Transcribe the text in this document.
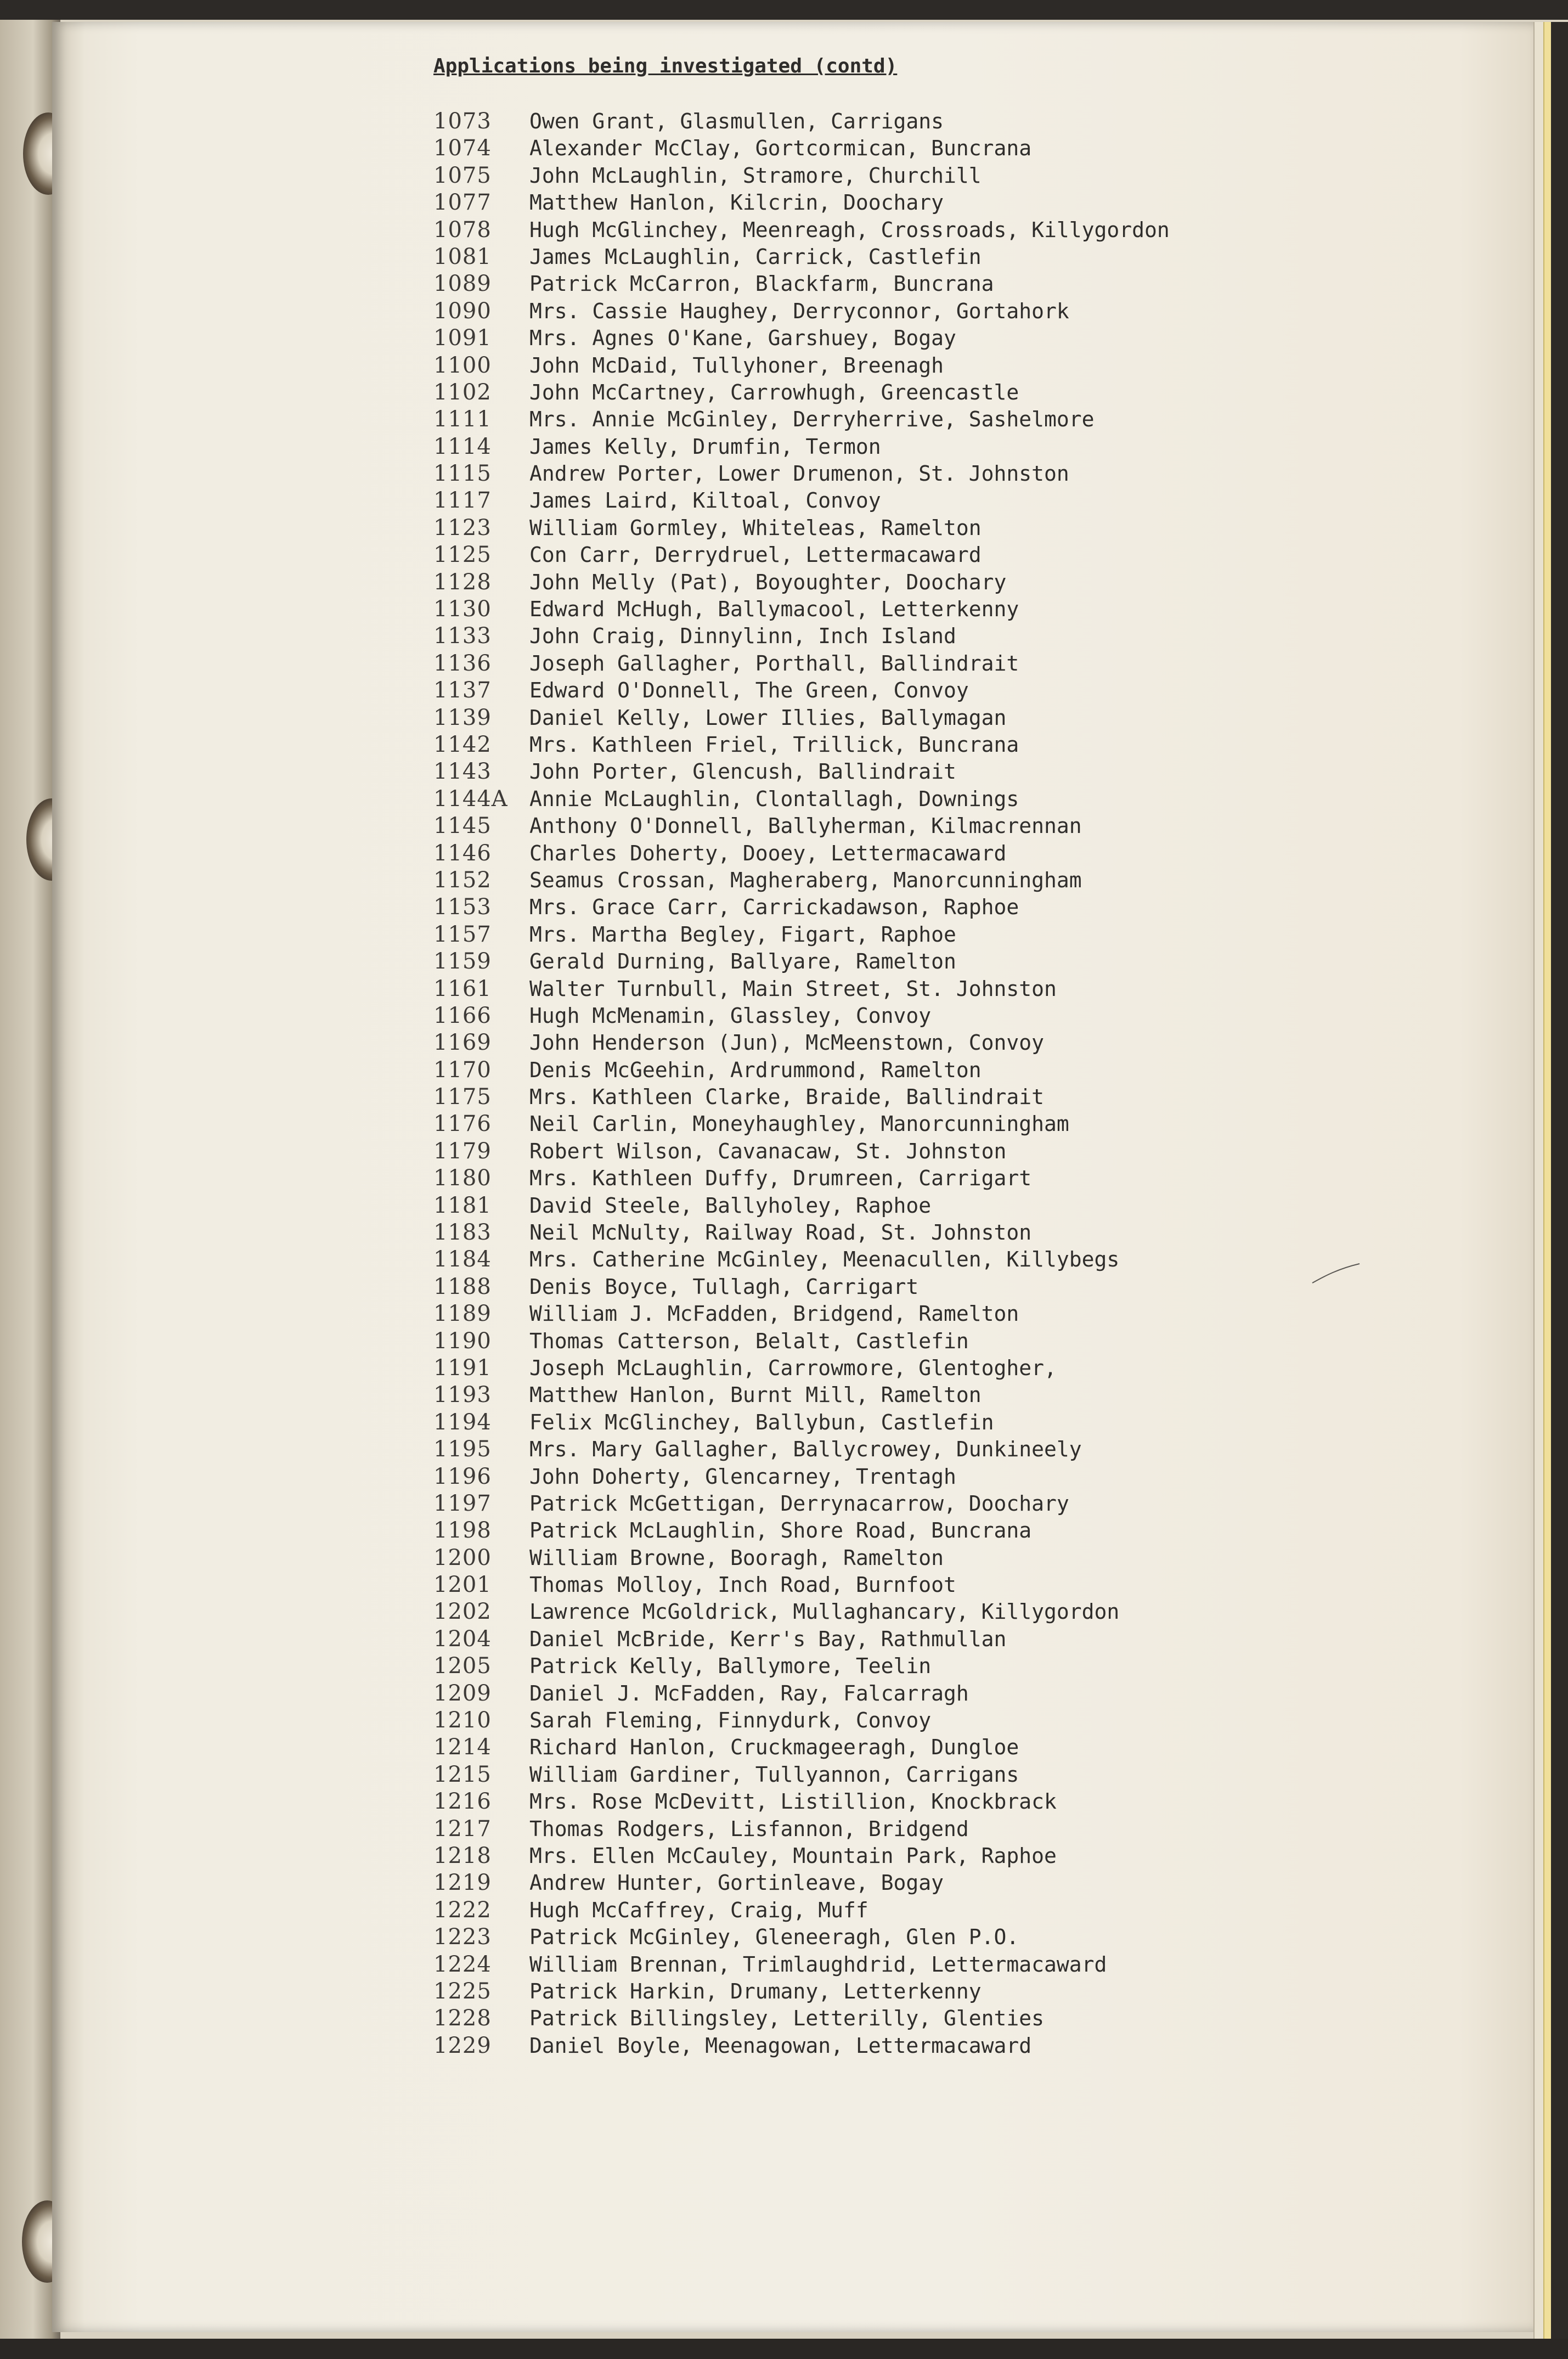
Applications being investigated (contd)
1073	Owen Grant, Glasmullen, Carrigans
1074	Alexander McClay, Gortcormican, Buncrana
1075	John McLaughlin, Stramore, Churchill
1077	Matthew Hanlon, Kilcrin, Doochary
1078	Hugh McGlinchey, Meenreagh, Crossroads, Killygordon
1081	James McLaughlin, Carrick, Castlefin
1089	Patrick McCarron, Blackfarm, Buncrana
1090	Mrs. Cassie Haughey, Derryconnor, Gortahork
1091	Mrs. Agnes O'Kane, Garshuey, Bogay
1100	John McDaid, Tullyhoner, Breenagh
1102	John McCartney, Carrowhugh, Greencastle
1111	Mrs. Annie McGinley, Derryherrive, Sashelmore
1114	James Kelly, Drumfin, Termon
1115	Andrew Porter, Lower Drumenon, St. Johnston
1117	James Laird, Kiltoal, Convoy
1123	William Gormley, Whiteleas, Ramelton
1125	Con Carr, Derrydruel, Lettermacaward
1128	John Melly (Pat), Boyoughter, Doochary
1130	Edward McHugh, Ballymacool, Letterkenny
1133	John Craig, Dinnylinn, Inch Island
1136	Joseph Gallagher, Porthall, Ballindrait
1137	Edward O'Donnell, The Green, Convoy
1139	Daniel Kelly, Lower Illies, Ballymagan
1142	Mrs. Kathleen Friel, Trillick, Buncrana
1143	John Porter, Glencush, Ballindrait
1144A	Annie McLaughlin, Clontallagh, Downings
1145	Anthony O'Donnell, Ballyherman, Kilmacrennan
1146	Charles Doherty, Dooey, Lettermacaward
1152	Seamus Crossan, Magheraberg, Manorcunningham
1153	Mrs. Grace Carr, Carrickadawson, Raphoe
1157	Mrs. Martha Begley, Figart, Raphoe
1159	Gerald Durning, Ballyare, Ramelton
1161	Walter Turnbull, Main Street, St. Johnston
1166	Hugh McMenamin, Glassley, Convoy
1169	John Henderson (Jun), McMeenstown, Convoy
1170	Denis McGeehin, Ardrummond, Ramelton
1175	Mrs. Kathleen Clarke, Braide, Ballindrait
1176	Neil Carlin, Moneyhaughley, Manorcunningham
1179	Robert Wilson, Cavanacaw, St. Johnston
1180	Mrs. Kathleen Duffy, Drumreen, Carrigart
1181	David Steele, Ballyholey, Raphoe
1183	Neil McNulty, Railway Road, St. Johnston
1184	Mrs. Catherine McGinley, Meenacullen, Killybegs
1188	Denis Boyce, Tullagh, Carrigart
1189	William J. McFadden, Bridgend, Ramelton
1190	Thomas Catterson, Belalt, Castlefin
1191	Joseph McLaughlin, Carrowmore, Glentogher,
1193	Matthew Hanlon, Burnt Mill, Ramelton
1194	Felix McGlinchey, Ballybun, Castlefin
1195	Mrs. Mary Gallagher, Ballycrowey, Dunkineely
1196	John Doherty, Glencarney, Trentagh
1197	Patrick McGettigan, Derrynacarrow, Doochary
1198	Patrick McLaughlin, Shore Road, Buncrana
1200	William Browne, Booragh, Ramelton
1201	Thomas Molloy, Inch Road, Burnfoot
1202	Lawrence McGoldrick, Mullaghancary, Killygordon
1204	Daniel McBride, Kerr's Bay, Rathmullan
1205	Patrick Kelly, Ballymore, Teelin
1209	Daniel J. McFadden, Ray, Falcarragh
1210	Sarah Fleming, Finnydurk, Convoy
1214	Richard Hanlon, Cruckmageeragh, Dungloe
1215	William Gardiner, Tullyannon, Carrigans
1216	Mrs. Rose McDevitt, Listillion, Knockbrack
1217	Thomas Rodgers, Lisfannon, Bridgend
1218	Mrs. Ellen McCauley, Mountain Park, Raphoe
1219	Andrew Hunter, Gortinleave, Bogay
1222	Hugh McCaffrey, Craig, Muff
1223	Patrick McGinley, Gleneeragh, Glen P.O.
1224	William Brennan, Trimlaughdrid, Lettermacaward
1225	Patrick Harkin, Drumany, Letterkenny
1228	Patrick Billingsley, Letterilly, Glenties
1229	Daniel Boyle, Meenagowan, Lettermacaward
